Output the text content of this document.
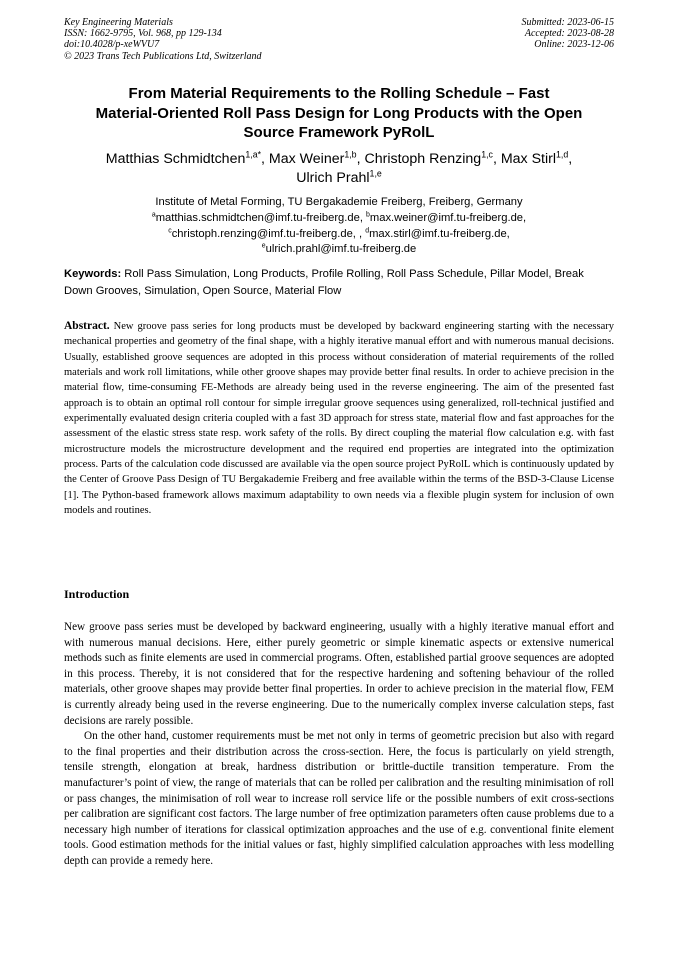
Key Engineering Materials
ISSN: 1662-9795, Vol. 968, pp 129-134
doi:10.4028/p-xeWVU7
© 2023 Trans Tech Publications Ltd, Switzerland
Submitted: 2023-06-15
Accepted: 2023-08-28
Online: 2023-12-06
From Material Requirements to the Rolling Schedule – Fast
Material-Oriented Roll Pass Design for Long Products with the Open
Source Framework PyRolL
Matthias Schmidtchen$^{1,a*}$, Max Weiner$^{1,b}$, Christoph Renzing$^{1,c}$, Max Stirl$^{1,d}$,
Ulrich Prahl$^{1,e}$
Institute of Metal Forming, TU Bergakademie Freiberg, Freiberg, Germany
$^a$matthias.schmidtchen@imf.tu-freiberg.de, $^b$max.weiner@imf.tu-freiberg.de,
$^c$christoph.renzing@imf.tu-freiberg.de, , $^d$max.stirl@imf.tu-freiberg.de,
$^e$ulrich.prahl@imf.tu-freiberg.de
Keywords: Roll Pass Simulation, Long Products, Profile Rolling, Roll Pass Schedule, Pillar Model, Break Down Grooves, Simulation, Open Source, Material Flow
Abstract. New groove pass series for long products must be developed by backward engineering starting with the necessary mechanical properties and geometry of the final shape, with a highly iterative manual effort and with numerous manual decisions. Usually, established groove sequences are adopted in this process without consideration of material requirements of the rolled materials and work roll limitations, while other groove shapes may provide better final results. In order to achieve precision in the material flow, time-consuming FE-Methods are already being used in the reverse engineering. The aim of the presented fast approach is to obtain an optimal roll contour for simple irregular groove sequences using generalized, roll-technical justified and experimentally evaluated design criteria coupled with a fast 3D approach for stress state, material flow and fast approaches for the assessment of the elastic stress state resp. work safety of the rolls. By direct coupling the material flow calculation e.g. with fast microstructure models the microstructure development and the required end properties are integrated into the optimization process. Parts of the calculation code discussed are available via the open source project PyRolL which is continuously updated by the Center of Groove Pass Design of TU Bergakademie Freiberg and free available within the terms of the BSD-3-Clause License [1]. The Python-based framework allows maximum adaptability to own needs via a flexible plugin system for inclusion of own models and routines.
Introduction

New groove pass series must be developed by backward engineering, usually with a highly iterative manual effort and with numerous manual decisions. Here, either purely geometric or simple kinematic aspects or extensive numerical methods such as finite elements are used in commercial programs. Often, established partial groove sequences are adopted in this process. Thereby, it is not considered that for the respective hardening and softening behaviour of the rolled materials, other groove shapes may provide better final properties. In order to achieve precision in the material flow, FEM is currently already being used in the reverse engineering. Due to the numerically complex inverse calculation steps, fast decisions are rarely possible.

On the other hand, customer requirements must be met not only in terms of geometric precision but also with regard to the final properties and their distribution across the cross-section. Here, the focus is particularly on yield strength, tensile strength, elongation at break, hardness distribution or brittle-ductile transition temperature. From the manufacturer’s point of view, the range of materials that can be rolled per calibration and the resulting minimisation of roll or pass changes, the minimisation of roll wear to increase roll service life or the possible numbers of exit cross-sections per calibration are significant cost factors. The large number of free optimization parameters often cause problems due to a necessary high number of iterations for classical optimization approaches and the use of e.g. conventional finite element tools. Good estimation methods for the initial values or fast, highly simplified calculation approaches with less modelling depth can provide a remedy here.
